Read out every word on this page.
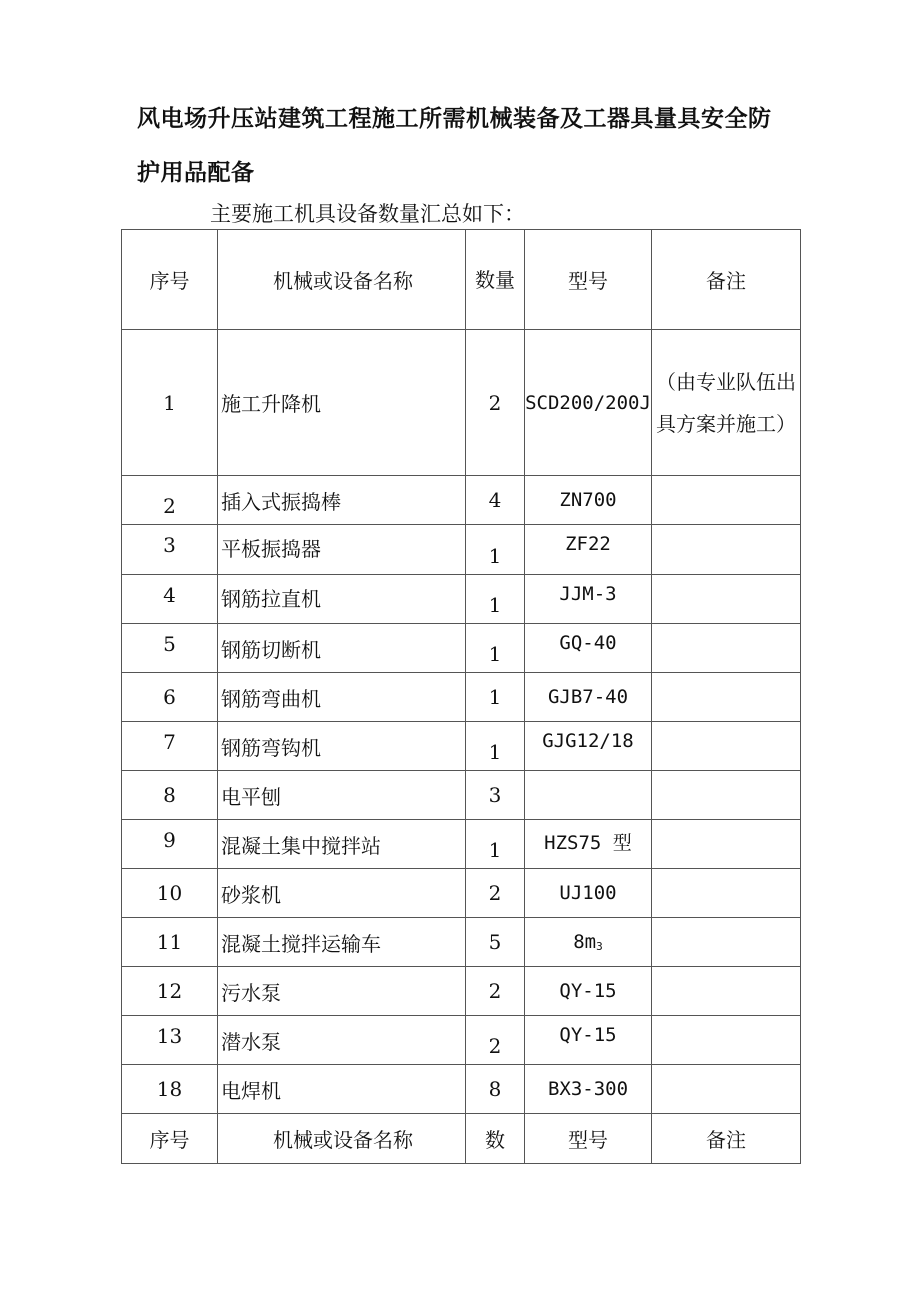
风电场升压站建筑工程施工所需机械装备及工器具量具安全防护用品配备
主要施工机具设备数量汇总如下：
序号	机械或设备名称	数量	型号	备注
1	施工升降机	2	SCD200/200J	（由专业队伍出具方案并施工）
2	插入式振捣棒	4	ZN700	
3	平板振捣器	1	ZF22	
4	钢筋拉直机	1	JJM-3	
5	钢筋切断机	1	GQ-40	
6	钢筋弯曲机	1	GJB7-40	
7	钢筋弯钩机	1	GJG12/18	
8	电平刨	3		
9	混凝土集中搅拌站	1	HZS75 型	
10	砂浆机	2	UJ100	
11	混凝土搅拌运输车	5	$8m_3$	
12	污水泵	2	QY-15	
13	潜水泵	2	QY-15	
18	电焊机	8	BX3-300	
序号	机械或设备名称	数	型号	备注
